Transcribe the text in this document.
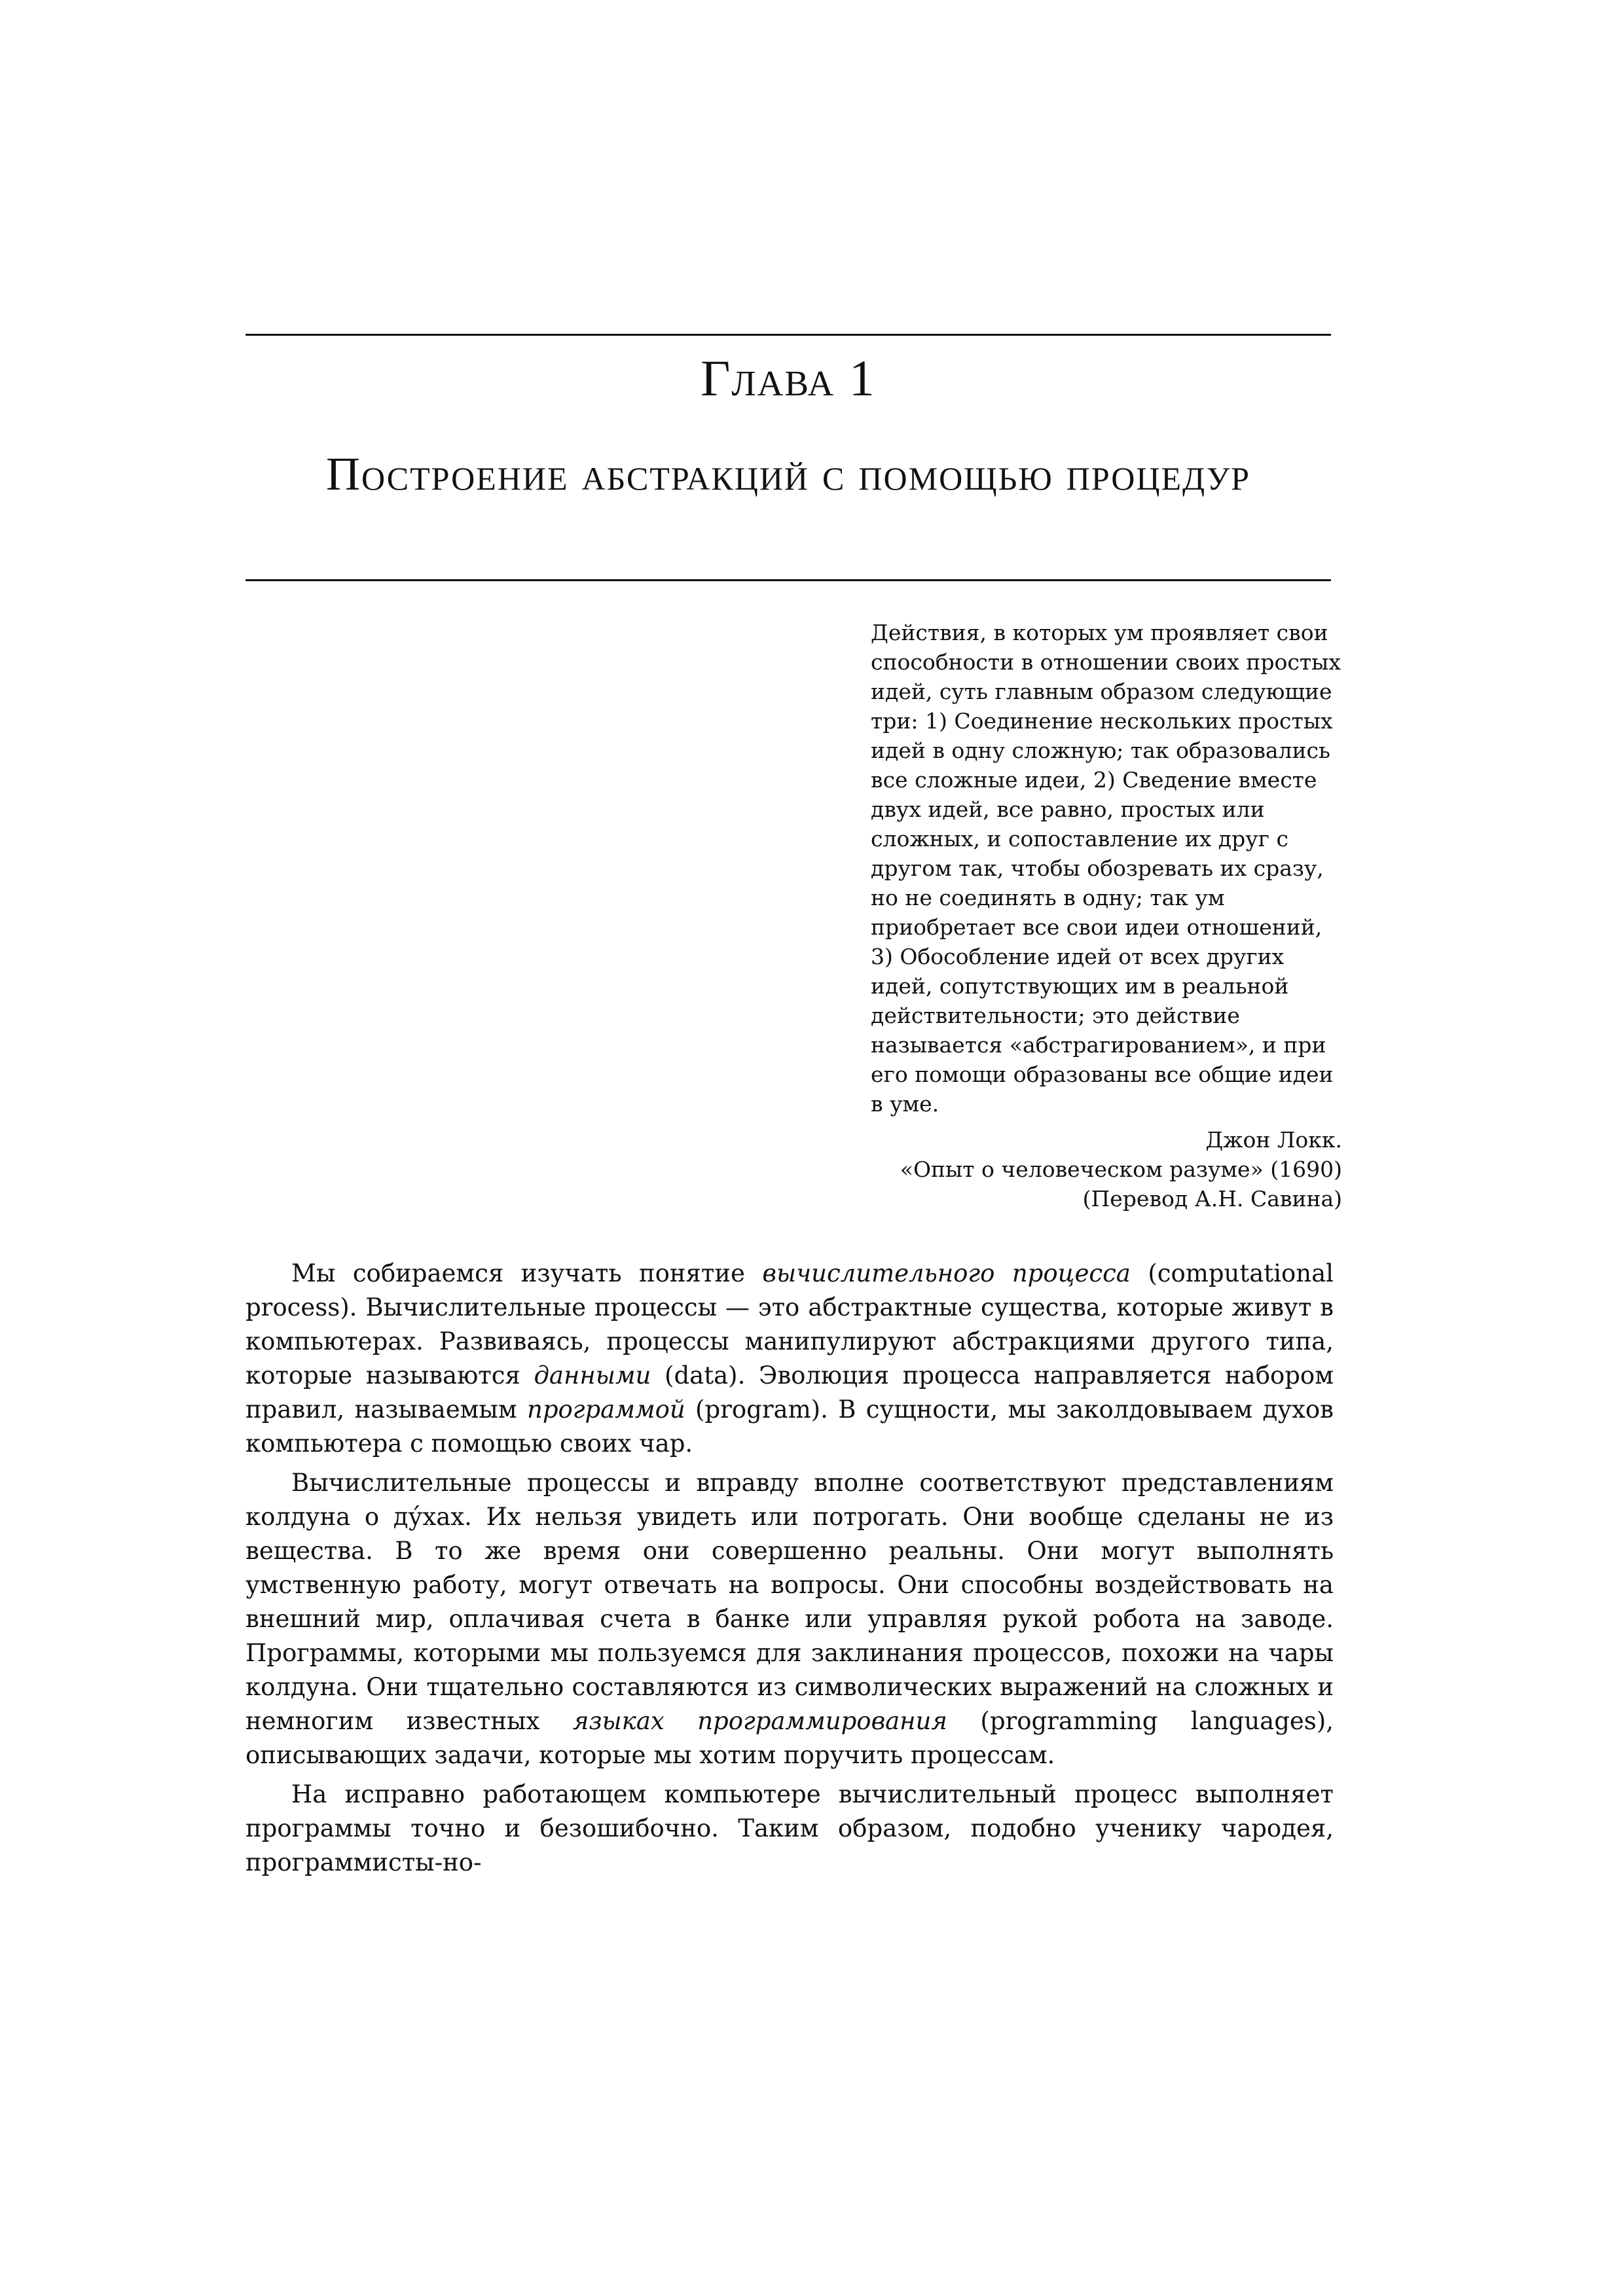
Глава 1
Построение абстракций с помощью процедур

Действия, в которых ум проявляет свои способности в отношении своих простых идей, суть главным образом следующие три: 1) Соединение нескольких простых идей в одну сложную; так образовались все сложные идеи, 2) Сведение вместе двух идей, все равно, простых или сложных, и сопоставление их друг с другом так, чтобы обозревать их сразу, но не соединять в одну; так ум приобретает все свои идеи отношений, 3) Обособление идей от всех других идей, сопутствующих им в реальной действительности; это действие называется «абстрагированием», и при его помощи образованы все общие идеи в уме.

Джон Локк.
«Опыт о человеческом разуме» (1690)
(Перевод А.Н. Савина)

Мы собираемся изучать понятие вычислительного процесса (computational process). Вычислительные процессы — это абстрактные существа, которые живут в компьютерах. Развиваясь, процессы манипулируют абстракциями другого типа, которые называются данными (data). Эволюция процесса направляется набором правил, называемым программой (program). В сущности, мы заколдовываем духов компьютера с помощью своих чар.

Вычислительные процессы и вправду вполне соответствуют представлениям колдуна о ду́хах. Их нельзя увидеть или потрогать. Они вообще сделаны не из вещества. В то же время они совершенно реальны. Они могут выполнять умственную работу, могут отвечать на вопросы. Они способны воздействовать на внешний мир, оплачивая счета в банке или управляя рукой робота на заводе. Программы, которыми мы пользуемся для заклинания процессов, похожи на чары колдуна. Они тщательно составляются из символических выражений на сложных и немногим известных языках программирования (programming languages), описывающих задачи, которые мы хотим поручить процессам.

На исправно работающем компьютере вычислительный процесс выполняет программы точно и безошибочно. Таким образом, подобно ученику чародея, программисты-но-
